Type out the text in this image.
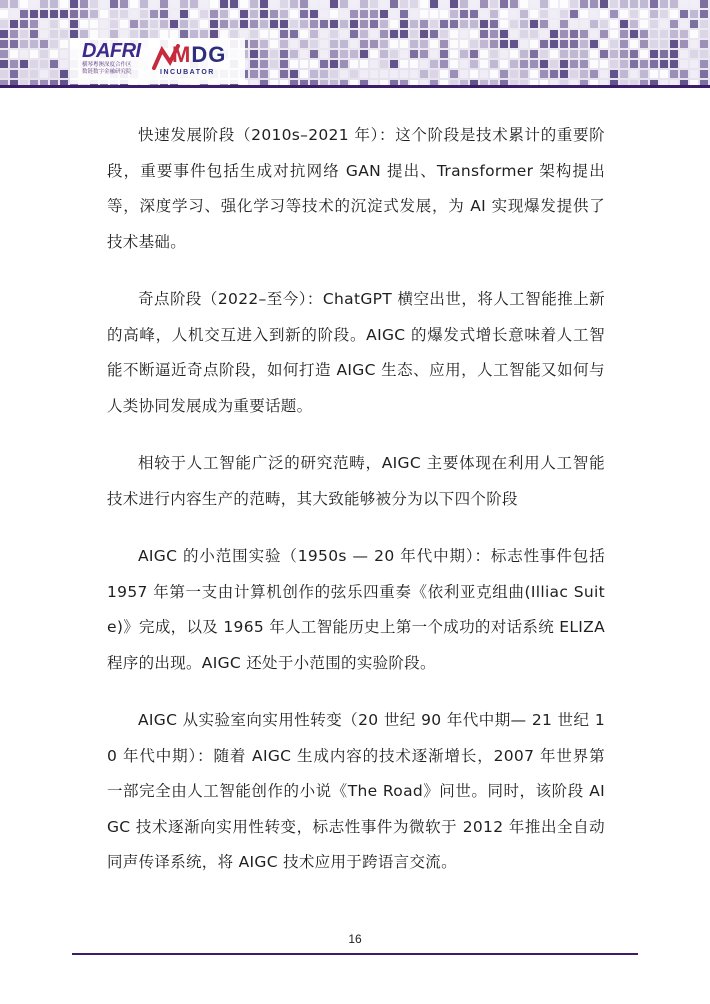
DAFRI
横琴粤澳深度合作区
数链数字金融研究院
MDG
INCUBATOR

快速发展阶段（2010s–2021 年）：这个阶段是技术累计的重要阶段，重要事件包括生成对抗网络 GAN 提出、Transformer 架构提出等，深度学习、强化学习等技术的沉淀式发展，为 AI 实现爆发提供了技术基础。

奇点阶段（2022–至今）：ChatGPT 横空出世，将人工智能推上新的高峰，人机交互进入到新的阶段。AIGC 的爆发式增长意味着人工智能不断逼近奇点阶段，如何打造 AIGC 生态、应用，人工智能又如何与人类协同发展成为重要话题。

相较于人工智能广泛的研究范畴，AIGC 主要体现在利用人工智能技术进行内容生产的范畴，其大致能够被分为以下四个阶段

AIGC 的小范围实验（1950s — 20 年代中期）：标志性事件包括 1957 年第一支由计算机创作的弦乐四重奏《依利亚克组曲(Illiac Suite)》完成，以及 1965 年人工智能历史上第一个成功的对话系统 ELIZA 程序的出现。AIGC 还处于小范围的实验阶段。

AIGC 从实验室向实用性转变（20 世纪 90 年代中期— 21 世纪 10 年代中期）：随着 AIGC 生成内容的技术逐渐增长，2007 年世界第一部完全由人工智能创作的小说《The Road》问世。同时，该阶段 AIGC 技术逐渐向实用性转变，标志性事件为微软于 2012 年推出全自动同声传译系统，将 AIGC 技术应用于跨语言交流。

16
